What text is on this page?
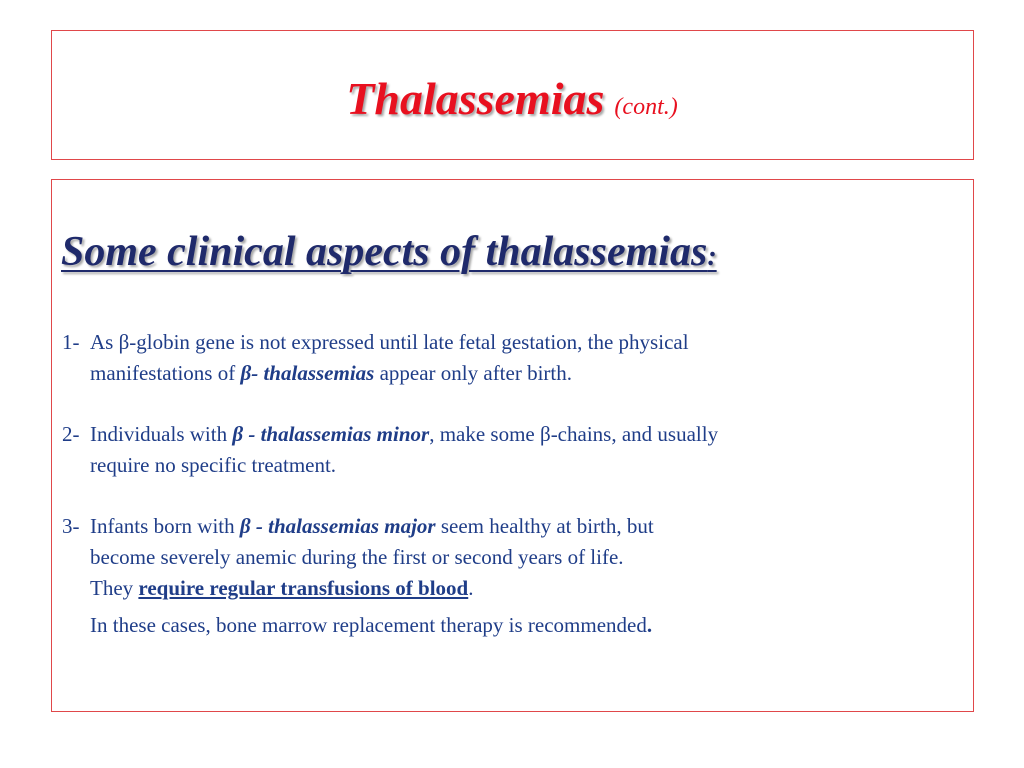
Thalassemias (cont.)
Some clinical aspects of thalassemias:
1- As β-globin gene is not expressed until late fetal gestation, the physical
manifestations of β- thalassemias appear only after birth.
2- Individuals with β - thalassemias minor, make some β-chains, and usually
require no specific treatment.
3- Infants born with β - thalassemias major seem healthy at birth, but
become severely anemic during the first or second years of life.
They require regular transfusions of blood.
In these cases, bone marrow replacement therapy is recommended.
